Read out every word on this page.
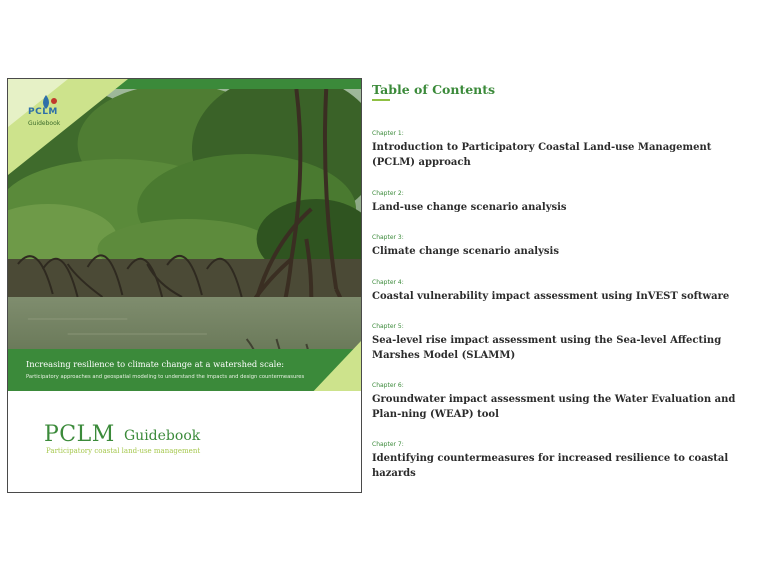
PCLM
Guidebook
Increasing resilience to climate change at a watershed scale:
Participatory approaches and geospatial modeling to understand the impacts and design countermeasures
PCLM Guidebook
Participatory coastal land-use management
Table of Contents
Chapter 1:
Introduction to Participatory Coastal Land-use Management (PCLM) approach
Chapter 2:
Land-use change scenario analysis
Chapter 3:
Climate change scenario analysis
Chapter 4:
Coastal vulnerability impact assessment using InVEST software
Chapter 5:
Sea-level rise impact assessment using the Sea-level Affecting Marshes Model (SLAMM)
Chapter 6:
Groundwater impact assessment using the Water Evaluation and Plan-ning (WEAP) tool
Chapter 7:
Identifying countermeasures for increased resilience to coastal hazards
